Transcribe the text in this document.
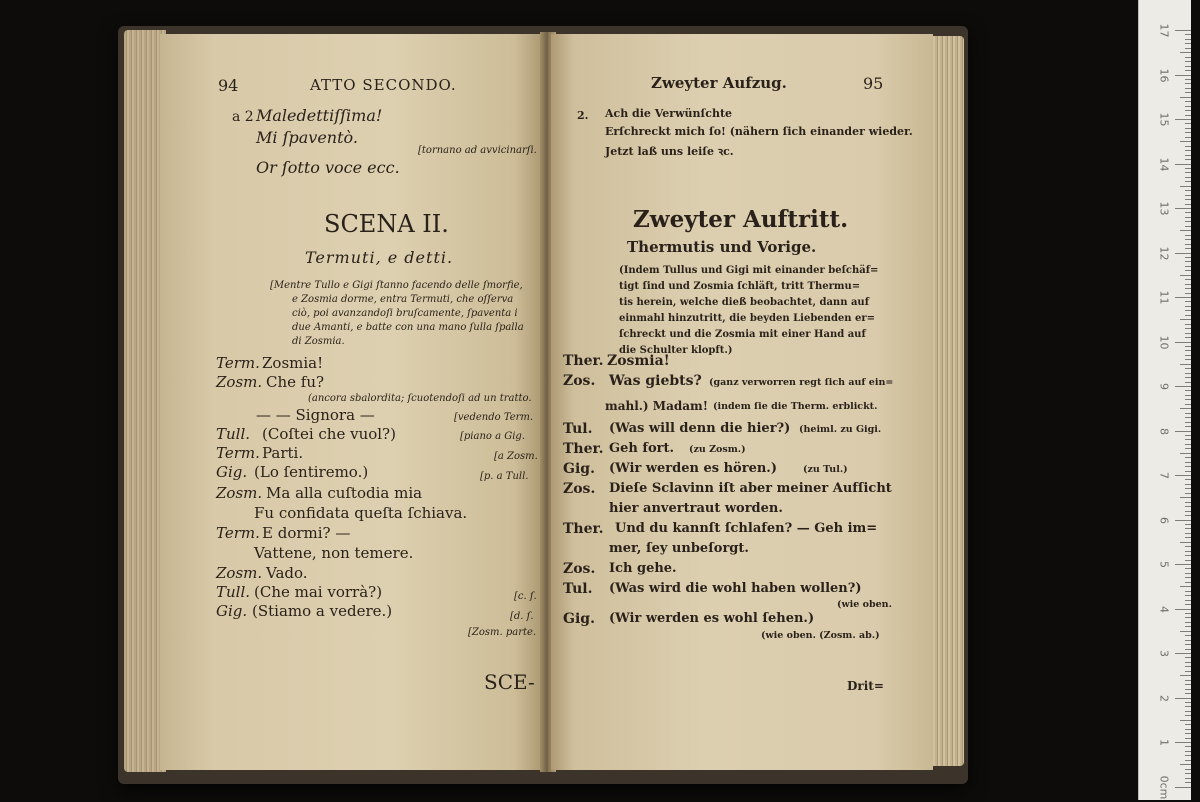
94	ATTO SECONDO.
a 2 Maledettiſſima!
Mi ſpaventò.
[tornano ad avvicinarſi.
Or ſotto voce ecc.
SCENA II.
Termuti, e detti.
[Mentre Tullo e Gigi ſtanno facendo delle ſmorfie,
e Zosmia dorme, entra Termuti, che oſſerva
ciò, poi avanzandoſi bruſcamente, ſpaventa i
due Amanti, e batte con una mano ſulla ſpalla
di Zosmia.
Term. Zosmia!
Zosm. Che fu?
(ancora sbalordita; ſcuotendoſi ad un tratto.
— — Signora —	[vedendo Term.
Tull. (Coſtei che vuol?)	[piano a Gig.
Term. Parti.	[a Zosm.
Gig. (Lo ſentiremo.)	[p. a Tull.
Zosm. Ma alla cuſtodia mia
Fu confidata queſta ſchiava.
Term. E dormi? —
Vattene, non temere.
Zosm. Vado.
Tull. (Che mai vorrà?)	[c. ſ.
Gig. (Stiamo a vedere.)	[d. ſ.
[Zosm. parte.
SCE-
Zweyter Aufzug.	95
2. Ach die Verwünſchte
Erſchreckt mich ſo! (nähern ſich einander wieder.
Jetzt laß uns leiſe ꝛc.
Zweyter Auftritt.
Thermutis und Vorige.
(Indem Tullus und Gigi mit einander beſchäf=
tigt ſind und Zosmia ſchläft, tritt Thermu=
tis herein, welche dieß beobachtet, dann auf
einmahl hinzutritt, die beyden Liebenden er=
ſchreckt und die Zosmia mit einer Hand auf
die Schulter klopft.)
Ther. Zosmia!
Zos. Was giebts? (ganz verworren regt ſich auf ein=
mahl.) Madam! (indem ſie die Therm. erblickt.
Tul. (Was will denn die hier?) (heiml. zu Gigi.
Ther. Geh fort. (zu Zosm.)
Gig. (Wir werden es hören.)	(zu Tul.)
Zos. Dieſe Sclavinn iſt aber meiner Aufſicht
hier anvertraut worden.
Ther. Und du kannſt ſchlafen? — Geh im=
mer, ſey unbeſorgt.
Zos. Ich gehe.
Tul. (Was wird die wohl haben wollen?)
(wie oben.
Gig. (Wir werden es wohl ſehen.)
(wie oben. (Zosm. ab.)
Drit=
17
16
15
14
13
12
11
10
9
8
7
6
5
4
3
2
1
0cm
